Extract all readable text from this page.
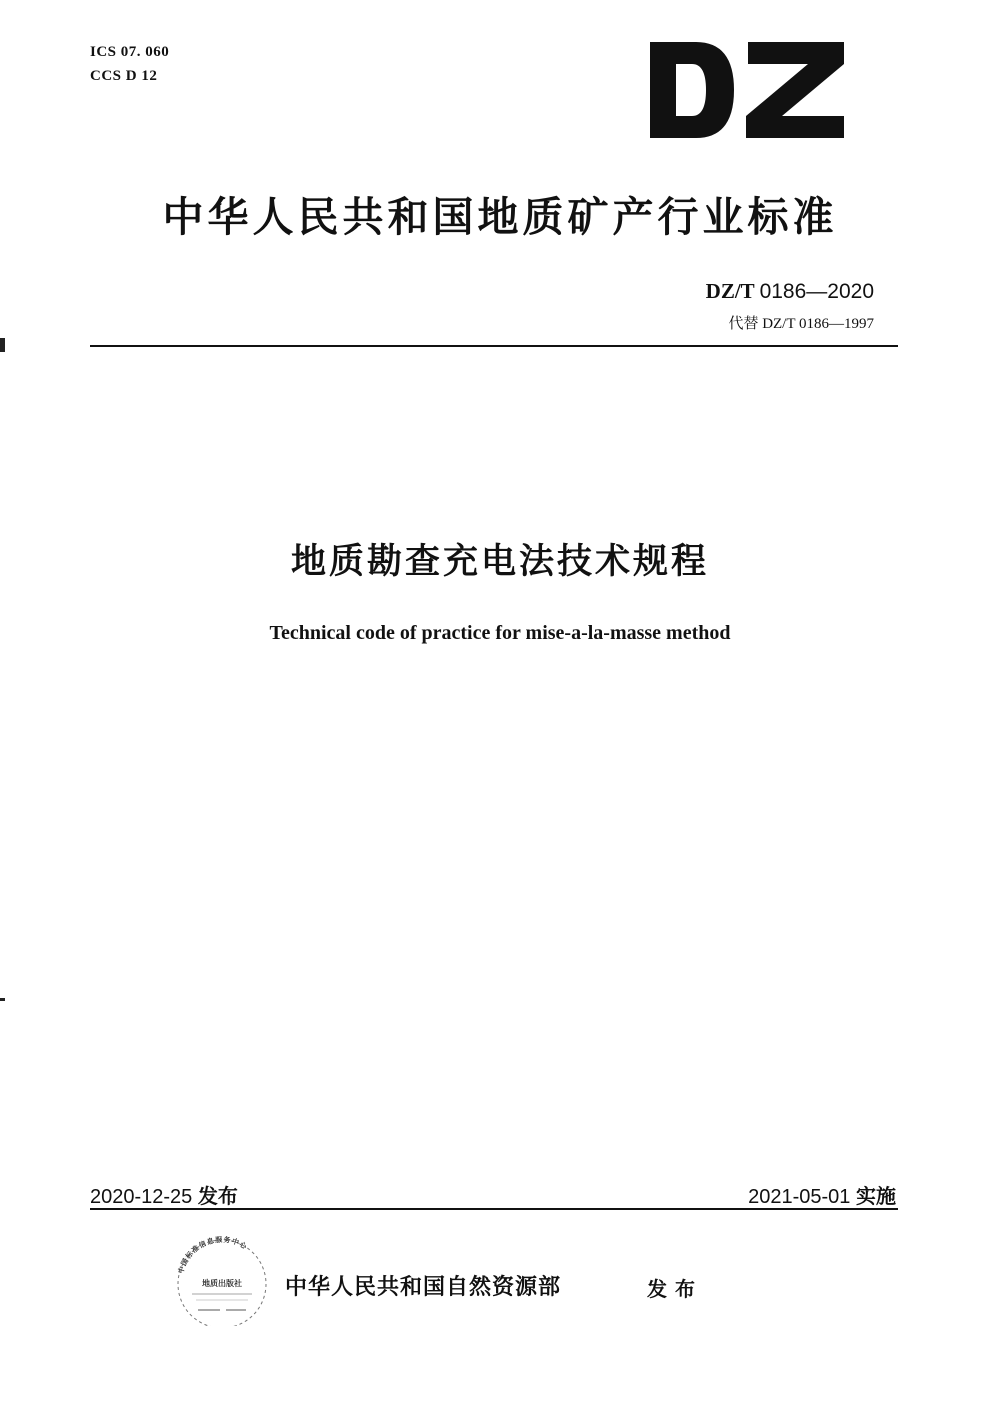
ICS 07. 060
CCS D 12
DZ
中华人民共和国地质矿产行业标准
DZ/T 0186—2020
代替 DZ/T 0186—1997
地质勘查充电法技术规程
Technical code of practice for mise-a-la-masse method
2020-12-25 发布	2021-05-01 实施
中国标准信息服务中心
地质出版社 中华人民共和国自然资源部	发布
